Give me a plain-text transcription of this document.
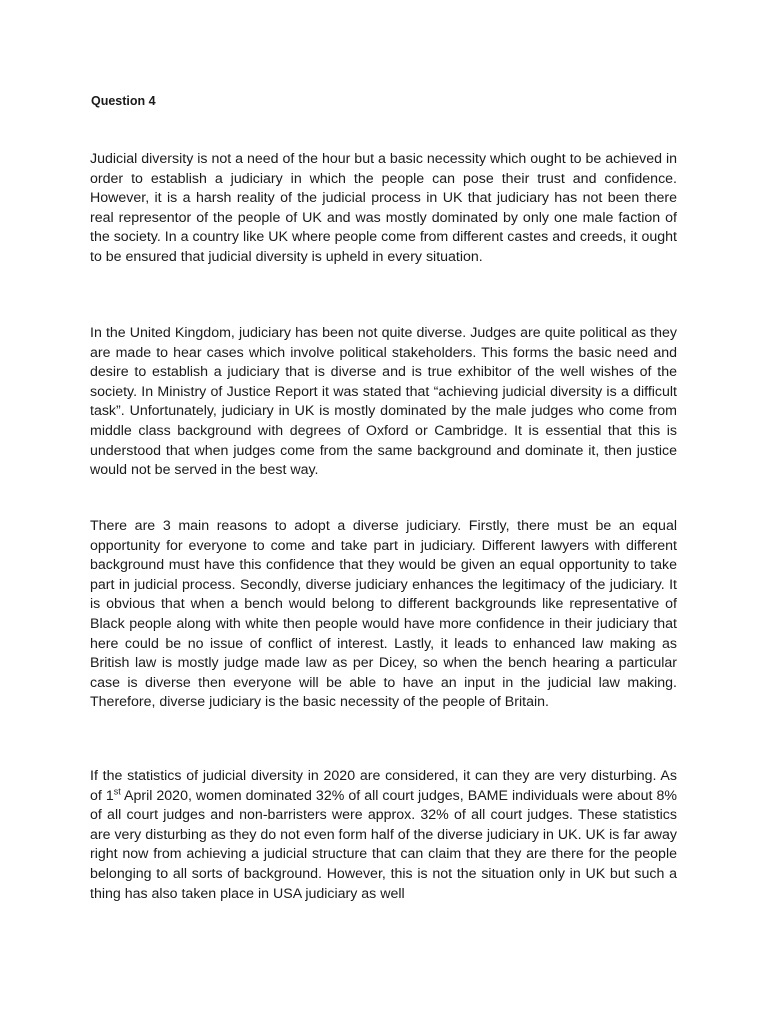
Question 4

Judicial diversity is not a need of the hour but a basic necessity which ought to be achieved in order to establish a judiciary in which the people can pose their trust and confidence. However, it is a harsh reality of the judicial process in UK that judiciary has not been there real representor of the people of UK and was mostly dominated by only one male faction of the society. In a country like UK where people come from different castes and creeds, it ought to be ensured that judicial diversity is upheld in every situation.

In the United Kingdom, judiciary has been not quite diverse. Judges are quite political as they are made to hear cases which involve political stakeholders. This forms the basic need and desire to establish a judiciary that is diverse and is true exhibitor of the well wishes of the society. In Ministry of Justice Report it was stated that “achieving judicial diversity is a difficult task”. Unfortunately, judiciary in UK is mostly dominated by the male judges who come from middle class background with degrees of Oxford or Cambridge. It is essential that this is understood that when judges come from the same background and dominate it, then justice would not be served in the best way.

There are 3 main reasons to adopt a diverse judiciary. Firstly, there must be an equal opportunity for everyone to come and take part in judiciary. Different lawyers with different background must have this confidence that they would be given an equal opportunity to take part in judicial process. Secondly, diverse judiciary enhances the legitimacy of the judiciary. It is obvious that when a bench would belong to different backgrounds like representative of Black people along with white then people would have more confidence in their judiciary that here could be no issue of conflict of interest. Lastly, it leads to enhanced law making as British law is mostly judge made law as per Dicey, so when the bench hearing a particular case is diverse then everyone will be able to have an input in the judicial law making. Therefore, diverse judiciary is the basic necessity of the people of Britain.

If the statistics of judicial diversity in 2020 are considered, it can they are very disturbing. As of 1st April 2020, women dominated 32% of all court judges, BAME individuals were about 8% of all court judges and non-barristers were approx. 32% of all court judges. These statistics are very disturbing as they do not even form half of the diverse judiciary in UK. UK is far away right now from achieving a judicial structure that can claim that they are there for the people belonging to all sorts of background. However, this is not the situation only in UK but such a thing has also taken place in USA judiciary as well
